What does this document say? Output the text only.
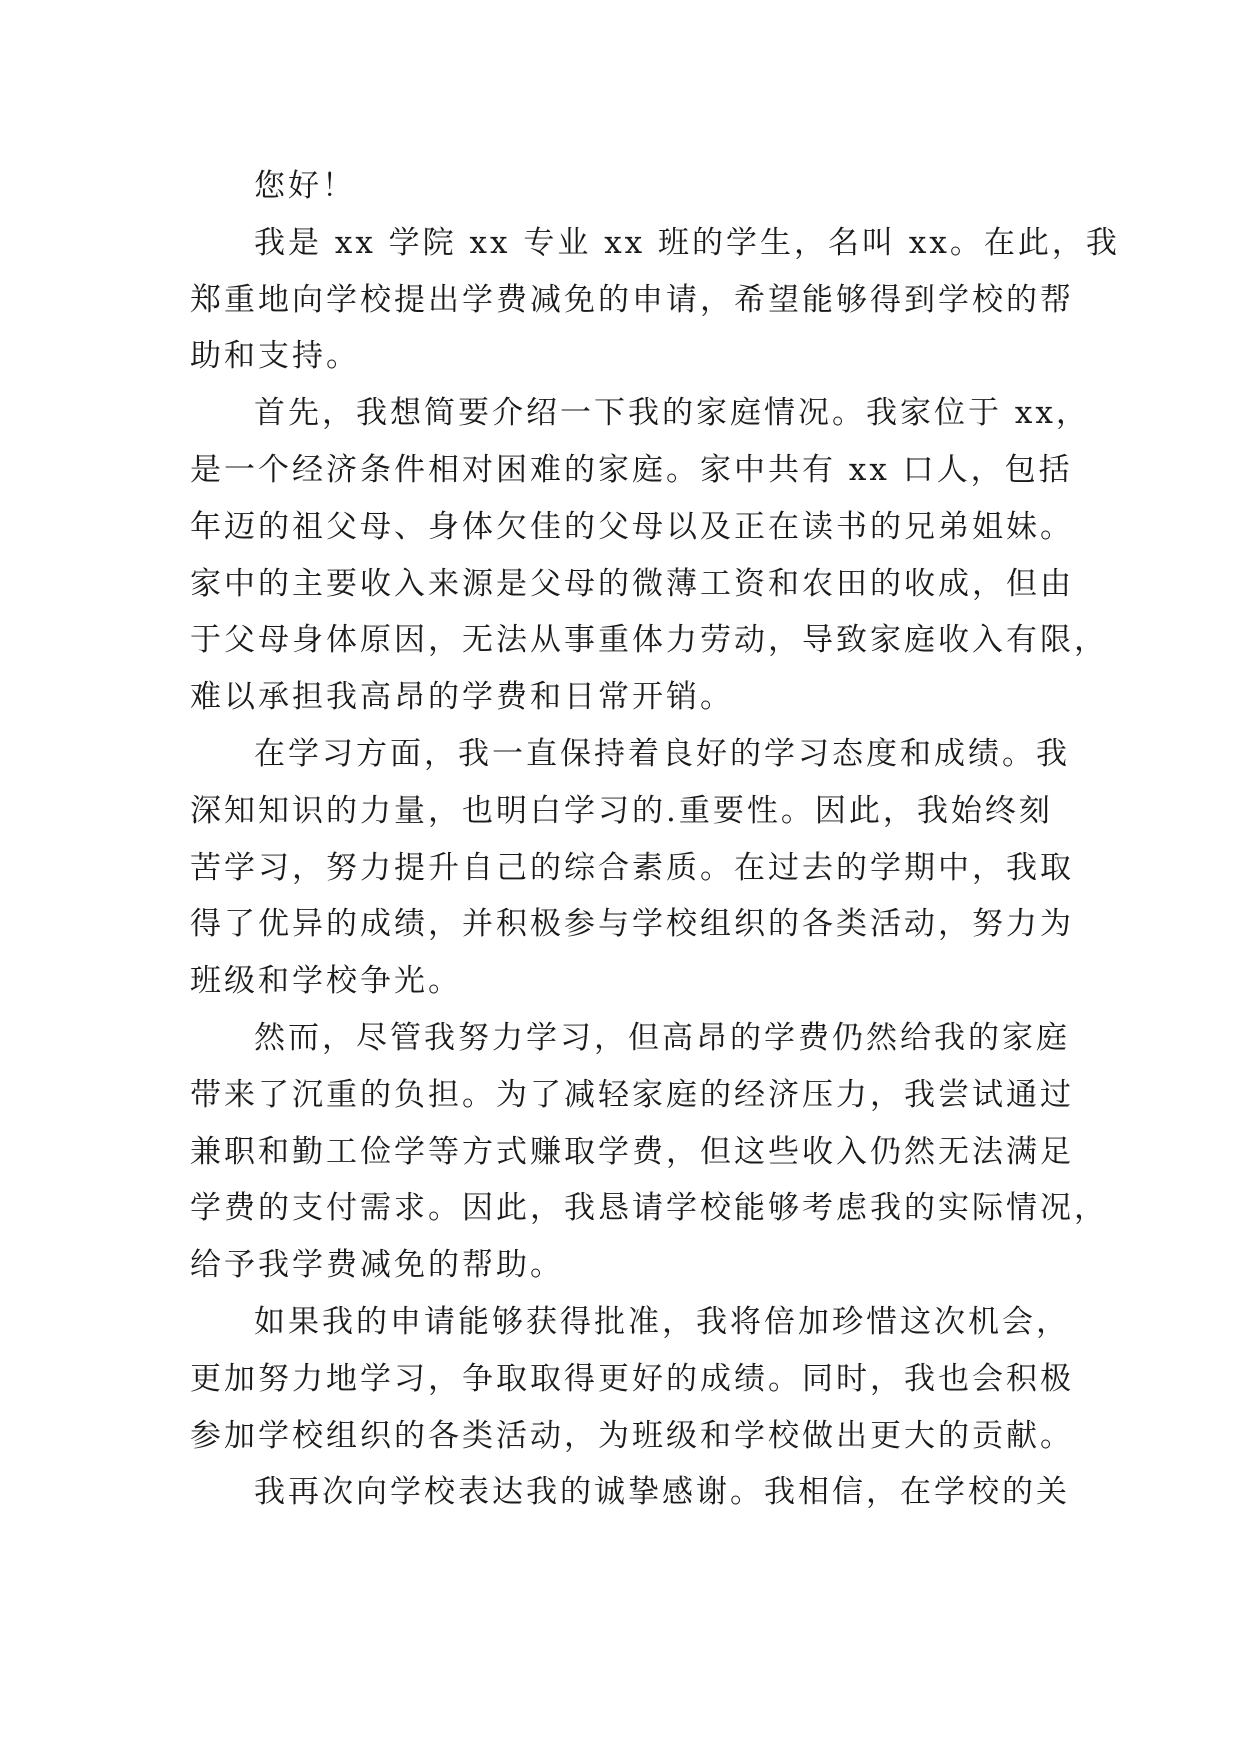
您好！
我是 xx 学院 xx 专业 xx 班的学生，名叫 xx。在此，我
郑重地向学校提出学费减免的申请，希望能够得到学校的帮
助和支持。
首先，我想简要介绍一下我的家庭情况。我家位于 xx，
是一个经济条件相对困难的家庭。家中共有 xx 口人，包括
年迈的祖父母、身体欠佳的父母以及正在读书的兄弟姐妹。
家中的主要收入来源是父母的微薄工资和农田的收成，但由
于父母身体原因，无法从事重体力劳动，导致家庭收入有限，
难以承担我高昂的学费和日常开销。
在学习方面，我一直保持着良好的学习态度和成绩。我
深知知识的力量，也明白学习的.重要性。因此，我始终刻
苦学习，努力提升自己的综合素质。在过去的学期中，我取
得了优异的成绩，并积极参与学校组织的各类活动，努力为
班级和学校争光。
然而，尽管我努力学习，但高昂的学费仍然给我的家庭
带来了沉重的负担。为了减轻家庭的经济压力，我尝试通过
兼职和勤工俭学等方式赚取学费，但这些收入仍然无法满足
学费的支付需求。因此，我恳请学校能够考虑我的实际情况，
给予我学费减免的帮助。
如果我的申请能够获得批准，我将倍加珍惜这次机会，
更加努力地学习，争取取得更好的成绩。同时，我也会积极
参加学校组织的各类活动，为班级和学校做出更大的贡献。
我再次向学校表达我的诚挚感谢。我相信，在学校的关
